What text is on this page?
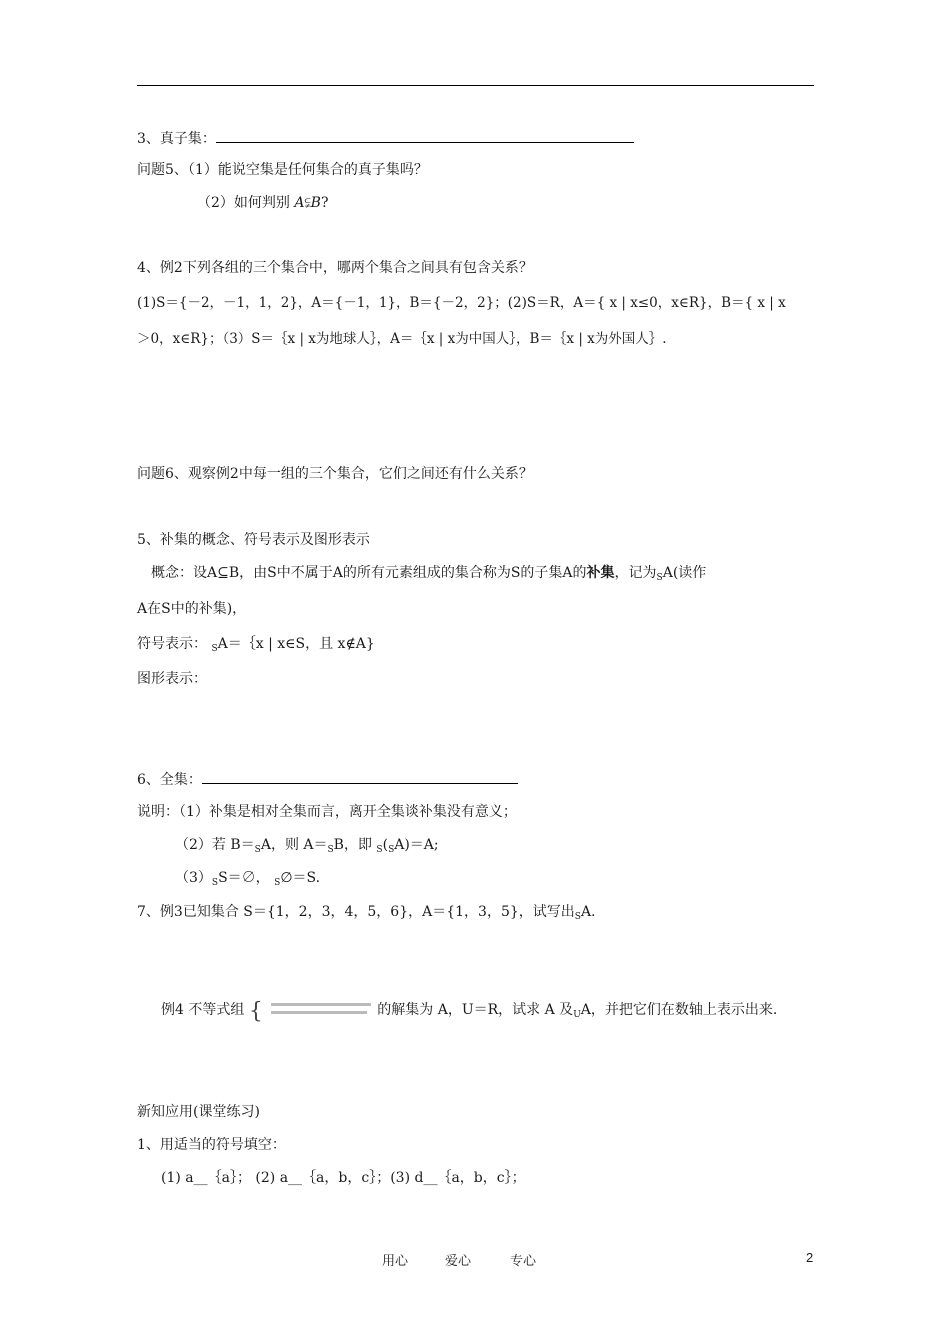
3、真子集：
问题5、（1）能说空集是任何集合的真子集吗？
（2）如何判别 A⫋B?
4、例2下列各组的三个集合中，哪两个集合之间具有包含关系？
(1)S＝{－2，－1，1，2}，A＝{－1，1}，B＝{－2，2}；(2)S＝R，A＝{ x | x≤0，x∈R}，B＝{ x | x
＞0，x∈R}；（3）S＝｛x | x为地球人｝，A＝｛x | x为中国人｝，B＝｛x | x为外国人｝.
问题6、观察例2中每一组的三个集合，它们之间还有什么关系？
5、补集的概念、符号表示及图形表示
概念：设A⊆B，由S中不属于A的所有元素组成的集合称为S的子集A的补集，记为$_S$A(读作
A在S中的补集)，
符号表示： $_S$A＝｛x | x∈S，且 x∉A}
图形表示：
6、全集：
说明：（1）补集是相对全集而言，离开全集谈补集没有意义；
（2）若 $B=_SA$，则 $A=_SB$，即 $_S(_SA)=A$;
$(3)_SS=\emptyset$， $_S$∅＝S.
7、例3已知集合 S＝{1，2，3，4，5，6}，A＝{1，3，5}，试写出$_S$A.
例4 不等式组 {	的解集为 A，U＝R，试求 A 及$_U$A，并把它们在数轴上表示出来.
新知应用(课堂练习)
1、用适当的符号填空：
(1) a__｛a｝； (2) a__｛a，b，c｝；(3) d__｛a，b，c｝；
用心	爱心	专心	2
